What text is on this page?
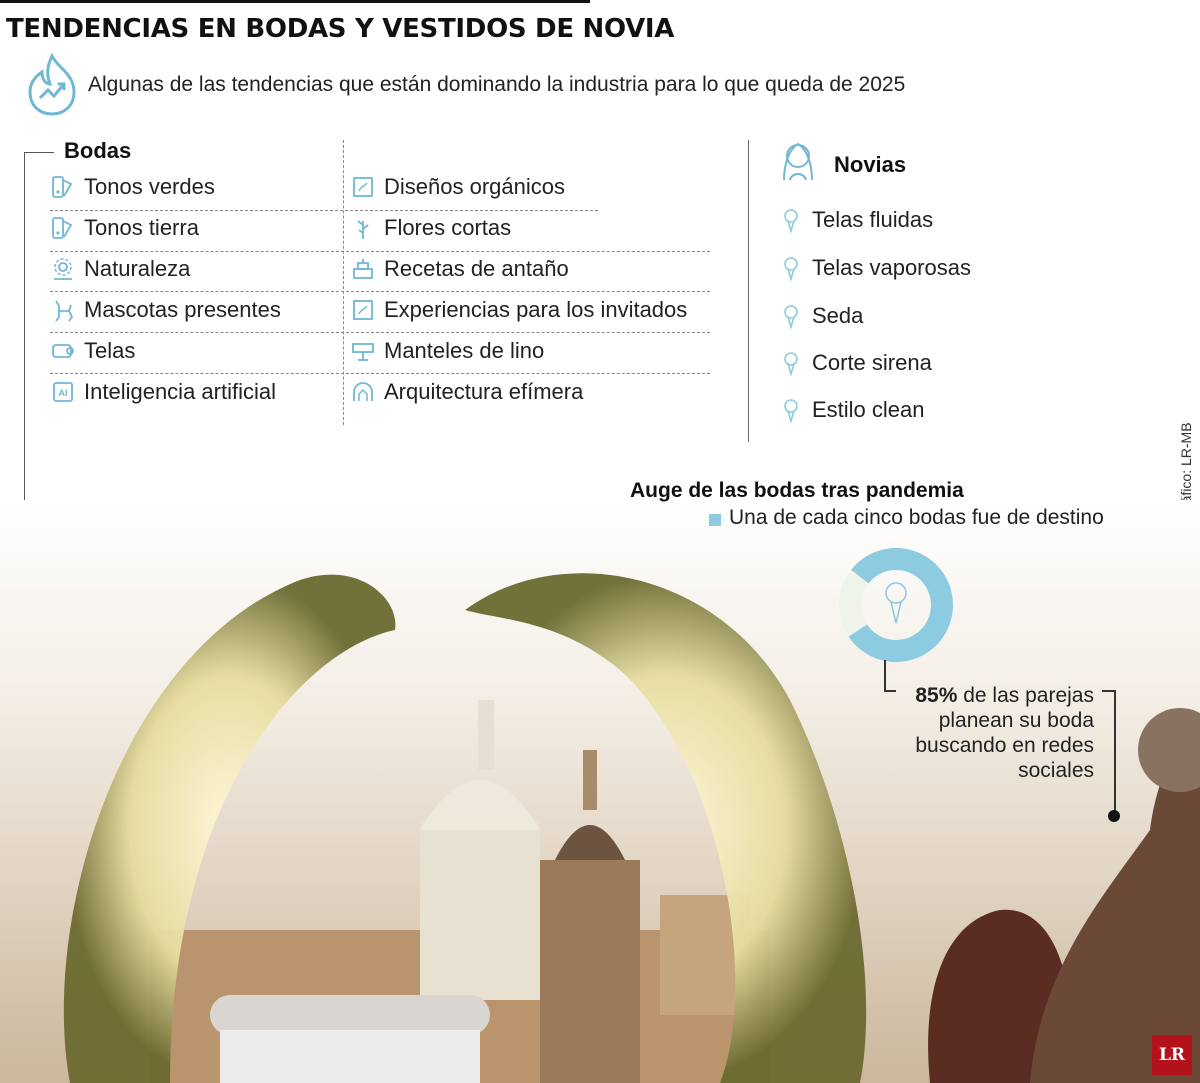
TENDENCIAS EN BODAS Y VESTIDOS DE NOVIA
Algunas de las tendencias que están dominando la industria para lo que queda de 2025
Bodas
Tonos verdes
Tonos tierra
Naturaleza
Mascotas presentes
Telas
AI Inteligencia artificial
Diseños orgánicos
Flores cortas
Recetas de antaño
Experiencias para los invitados
Manteles de lino
Arquitectura efímera
Novias
Telas fluidas
Telas vaporosas
Seda
Corte sirena
Estilo clean
Auge de las bodas tras pandemia
Una de cada cinco bodas fue de destino
85% de las parejas
planean su boda
buscando en redes
sociales
LR
